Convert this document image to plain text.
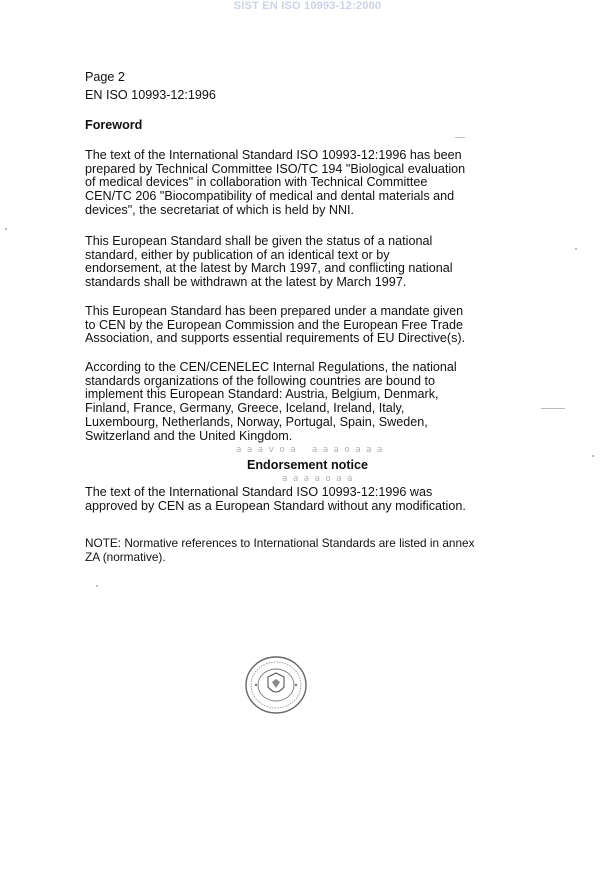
SIST EN ISO 10993-12:2000
Page 2
EN ISO 10993-12:1996
Foreword
The text of the International Standard ISO 10993-12:1996 has been
prepared by Technical Committee ISO/TC 194 "Biological evaluation
of medical devices" in collaboration with Technical Committee
CEN/TC 206 "Biocompatibility of medical and dental materials and
devices", the secretariat of which is held by NNI.
This European Standard shall be given the status of a national
standard, either by publication of an identical text or by
endorsement, at the latest by March 1997, and conflicting national
standards shall be withdrawn at the latest by March 1997.
This European Standard has been prepared under a mandate given
to CEN by the European Commission and the European Free Trade
Association, and supports essential requirements of EU Directive(s).
According to the CEN/CENELEC Internal Regulations, the national
standards organizations of the following countries are bound to
implement this European Standard: Austria, Belgium, Denmark,
Finland, France, Germany, Greece, Iceland, Ireland, Italy,
Luxembourg, Netherlands, Norway, Portugal, Spain, Sweden,
Switzerland and the United Kingdom.
a a a v o a   a a a o a a a
a a a a o a a
Endorsement notice
The text of the International Standard ISO 10993-12:1996 was
approved by CEN as a European Standard without any modification.
NOTE: Normative references to International Standards are listed in annex
ZA (normative).
